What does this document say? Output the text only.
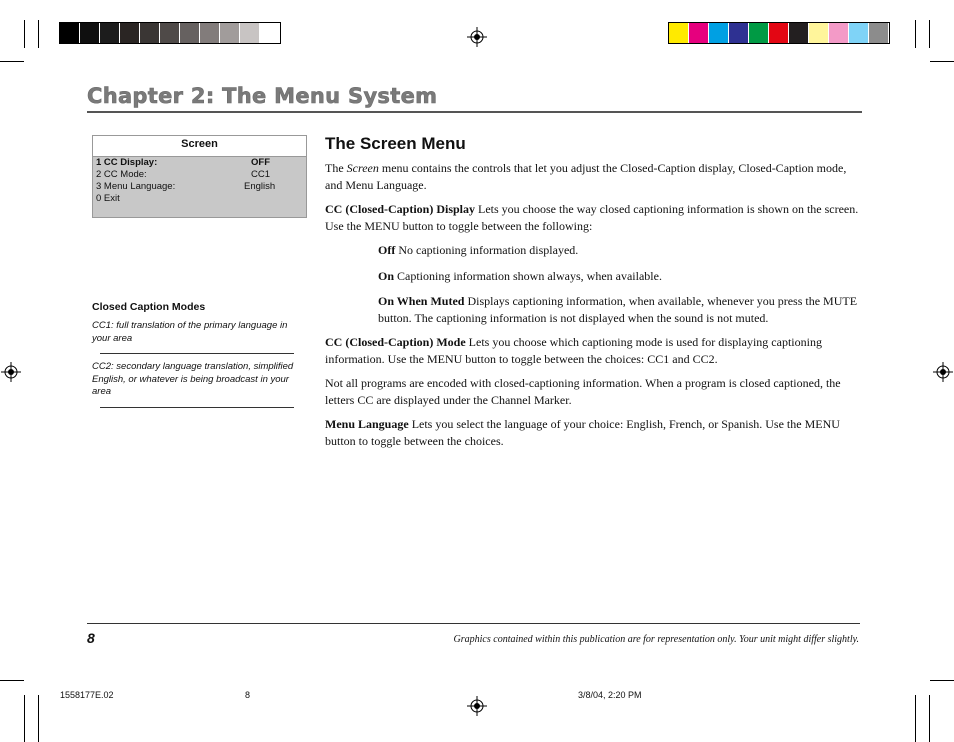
Chapter 2: The Menu System
Screen
1 CC Display:	OFF
2 CC Mode:	CC1
3 Menu Language:	English
0 Exit
Closed Caption Modes
CC1: full translation of the primary language in your area
CC2: secondary language translation, simplified English, or whatever is being broadcast in your area
The Screen Menu
The Screen menu contains the controls that let you adjust the Closed-Caption display, Closed-Caption mode, and Menu Language.
CC (Closed-Caption) Display Lets you choose the way closed captioning information is shown on the screen. Use the MENU button to toggle between the following:
Off No captioning information displayed.
On Captioning information shown always, when available.
On When Muted Displays captioning information, when available, whenever you press the MUTE button. The captioning information is not displayed when the sound is not muted.
CC (Closed-Caption) Mode Lets you choose which captioning mode is used for displaying captioning information. Use the MENU button to toggle between the choices: CC1 and CC2.
Not all programs are encoded with closed-captioning information. When a program is closed captioned, the letters CC are displayed under the Channel Marker.
Menu Language Lets you select the language of your choice: English, French, or Spanish. Use the MENU button to toggle between the choices.
8	Graphics contained within this publication are for representation only. Your unit might differ slightly.
1558177E.02	8	3/8/04, 2:20 PM
